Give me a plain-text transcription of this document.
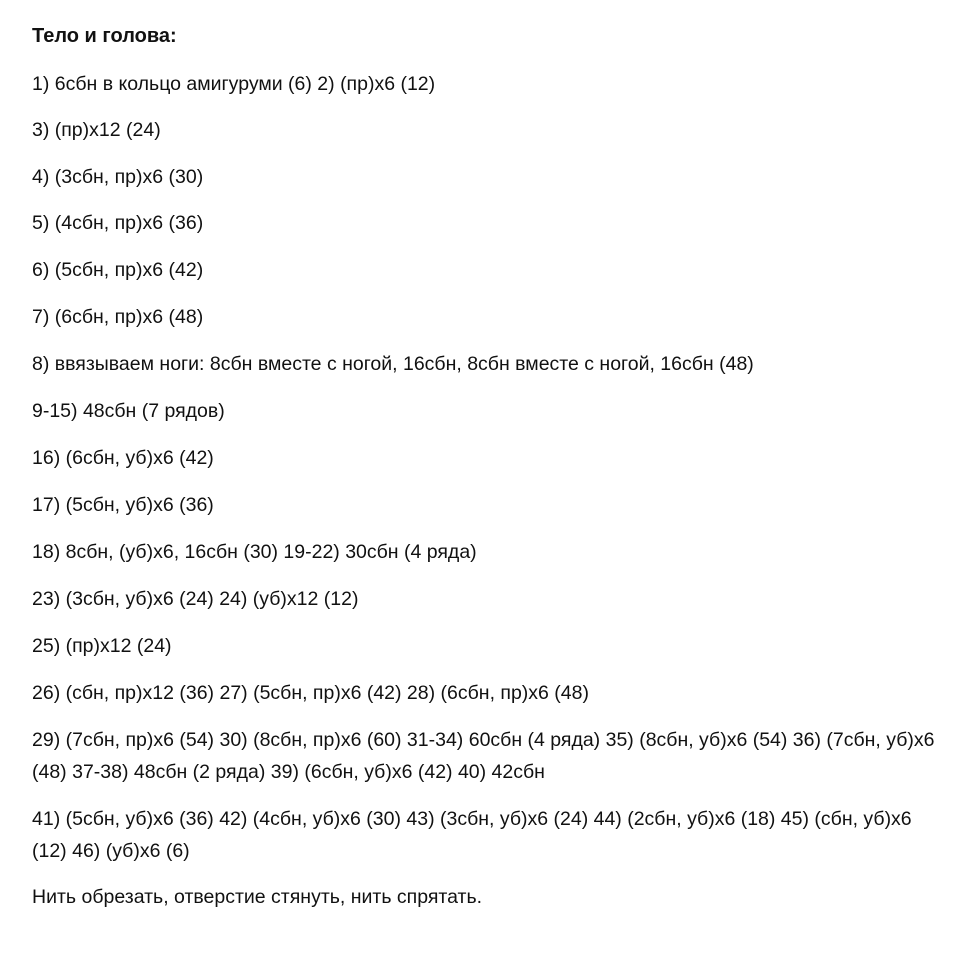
Тело и голова:
1) 6сбн в кольцо амигуруми (6) 2) (пр)х6 (12)
3) (пр)х12 (24)
4) (3сбн, пр)х6 (30)
5) (4сбн, пр)х6 (36)
6) (5сбн, пр)х6 (42)
7) (6сбн, пр)х6 (48)
8) ввязываем ноги: 8сбн вместе с ногой, 16сбн, 8сбн вместе с ногой, 16сбн (48)
9-15) 48сбн (7 рядов)
16) (6сбн, уб)х6 (42)
17) (5сбн, уб)х6 (36)
18) 8сбн, (уб)х6, 16сбн (30) 19-22) 30сбн (4 ряда)
23) (3сбн, уб)х6 (24) 24) (уб)х12 (12)
25) (пр)х12 (24)
26) (сбн, пр)х12 (36) 27) (5сбн, пр)х6 (42) 28) (6сбн, пр)х6 (48)
29) (7сбн, пр)х6 (54) 30) (8сбн, пр)х6 (60) 31-34) 60сбн (4 ряда) 35) (8сбн, уб)х6 (54) 36) (7сбн, уб)х6 (48) 37-38) 48сбн (2 ряда) 39) (6сбн, уб)х6 (42) 40) 42сбн
41) (5сбн, уб)х6 (36) 42) (4сбн, уб)х6 (30) 43) (3сбн, уб)х6 (24) 44) (2сбн, уб)х6 (18) 45) (сбн, уб)х6 (12) 46) (уб)х6 (6)
Нить обрезать, отверстие стянуть, нить спрятать.
